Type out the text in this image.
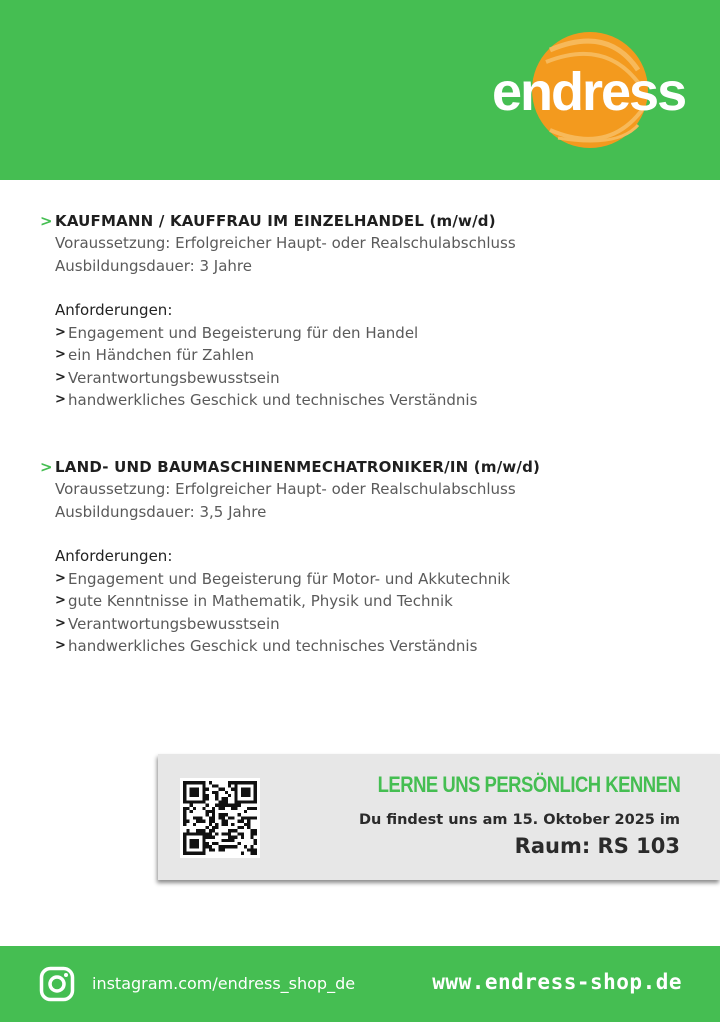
endress
> KAUFMANN / KAUFFRAU IM EINZELHANDEL (m/w/d)
Voraussetzung: Erfolgreicher Haupt- oder Realschulabschluss
Ausbildungsdauer: 3 Jahre
Anforderungen:
> Engagement und Begeisterung für den Handel
> ein Händchen für Zahlen
> Verantwortungsbewusstsein
> handwerkliches Geschick und technisches Verständnis
> LAND- UND BAUMASCHINENMECHATRONIKER/IN (m/w/d)
Voraussetzung: Erfolgreicher Haupt- oder Realschulabschluss
Ausbildungsdauer: 3,5 Jahre
Anforderungen:
> Engagement und Begeisterung für Motor- und Akkutechnik
> gute Kenntnisse in Mathematik, Physik und Technik
> Verantwortungsbewusstsein
> handwerkliches Geschick und technisches Verständnis
LERNE UNS PERSÖNLICH KENNEN
Du findest uns am 15. Oktober 2025 im
Raum: RS 103
instagram.com/endress_shop_de	www.endress-shop.de
